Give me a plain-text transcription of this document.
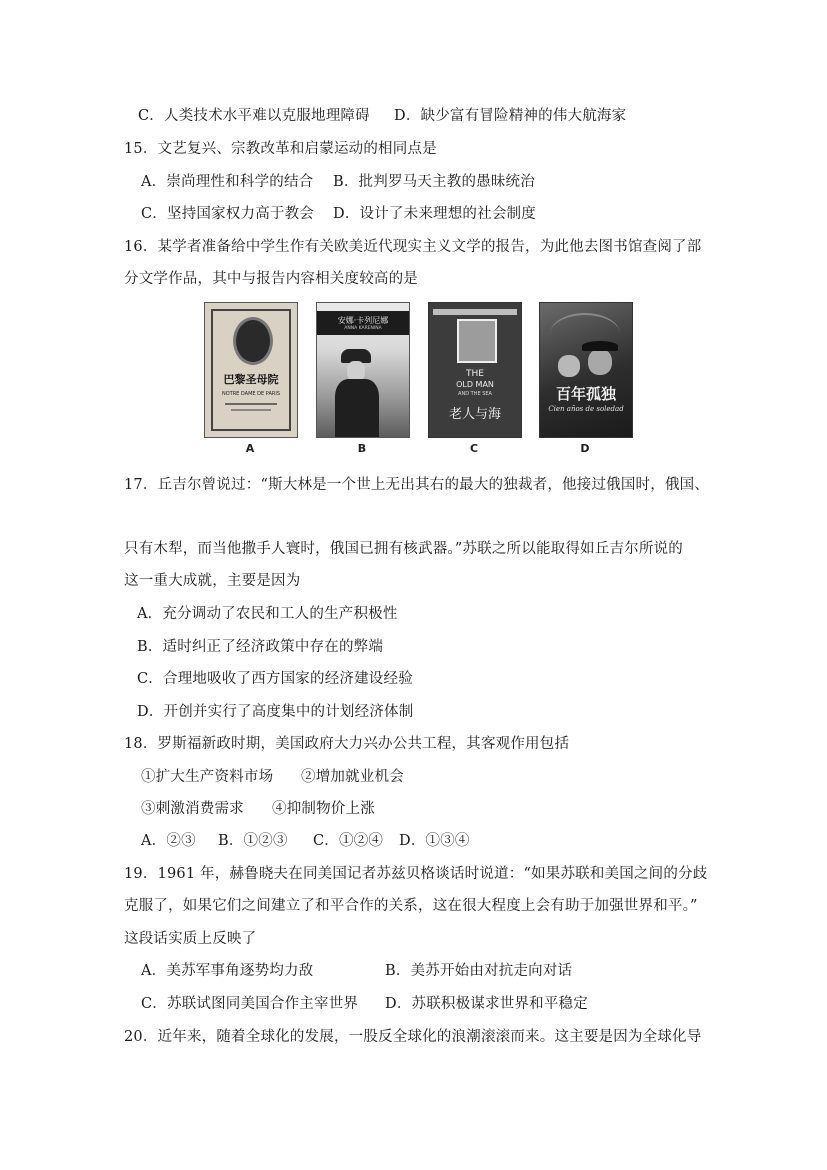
C．人类技术水平难以克服地理障碍 D．缺少富有冒险精神的伟大航海家
15．文艺复兴、宗教改革和启蒙运动的相同点是
A．崇尚理性和科学的结合 B．批判罗马天主教的愚昧统治
C．坚持国家权力高于教会 D．设计了未来理想的社会制度
16．某学者准备给中学生作有关欧美近代现实主义文学的报告，为此他去图书馆查阅了部
分文学作品，其中与报告内容相关度较高的是
巴黎圣母院
NOTRE DAME DE PARIS
A
安娜·卡列尼娜
ANNA KARENINA
B
THE
OLD MAN
AND THE SEA
老人与海
C
百年孤独
Cien años de soledad
D
17．丘吉尔曾说过：“斯大林是一个世上无出其右的最大的独裁者，他接过俄国时，俄国、
只有木犁，而当他撒手人寰时，俄国已拥有核武器。”苏联之所以能取得如丘吉尔所说的
这一重大成就，主要是因为
A．充分调动了农民和工人的生产积极性
B．适时纠正了经济政策中存在的弊端
C．合理地吸收了西方国家的经济建设经验
D．开创并实行了高度集中的计划经济体制
18．罗斯福新政时期，美国政府大力兴办公共工程，其客观作用包括
①扩大生产资料市场 ②增加就业机会
③刺激消费需求 ④抑制物价上涨
A．②③ B．①②③ C．①②④ D．①③④
19．1961 年，赫鲁晓夫在同美国记者苏兹贝格谈话时说道：“如果苏联和美国之间的分歧
克服了，如果它们之间建立了和平合作的关系，这在很大程度上会有助于加强世界和平。”
这段话实质上反映了
A．美苏军事角逐势均力敌	B．美苏开始由对抗走向对话
C．苏联试图同美国合作主宰世界 D．苏联积极谋求世界和平稳定
20．近年来，随着全球化的发展，一股反全球化的浪潮滚滚而来。这主要是因为全球化导
